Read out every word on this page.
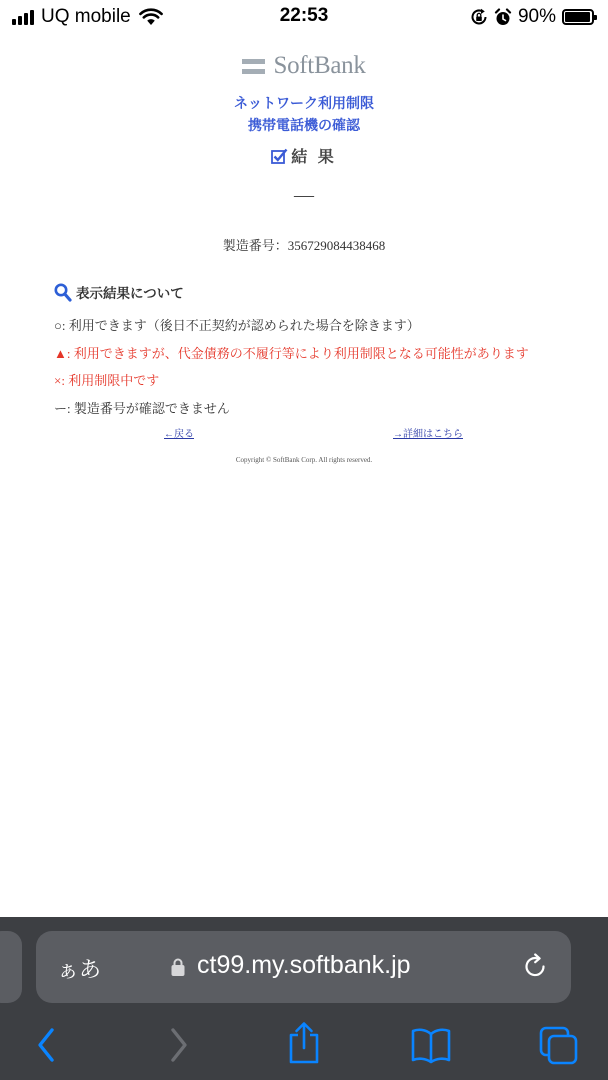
UQ mobile	22:53	90%
SoftBank
ネットワーク利用制限
携帯電話機の確認
結 果
—
製造番号：356729084438468
表示結果について
○: 利用できます（後日不正契約が認められた場合を除きます）
▲: 利用できますが、代金債務の不履行等により利用制限となる可能性があります
×: 利用制限中です
ー: 製造番号が確認できません
←戻る	→詳細はこちら
Copyright © SoftBank Corp. All rights reserved.
ぁあ	ct99.my.softbank.jp
